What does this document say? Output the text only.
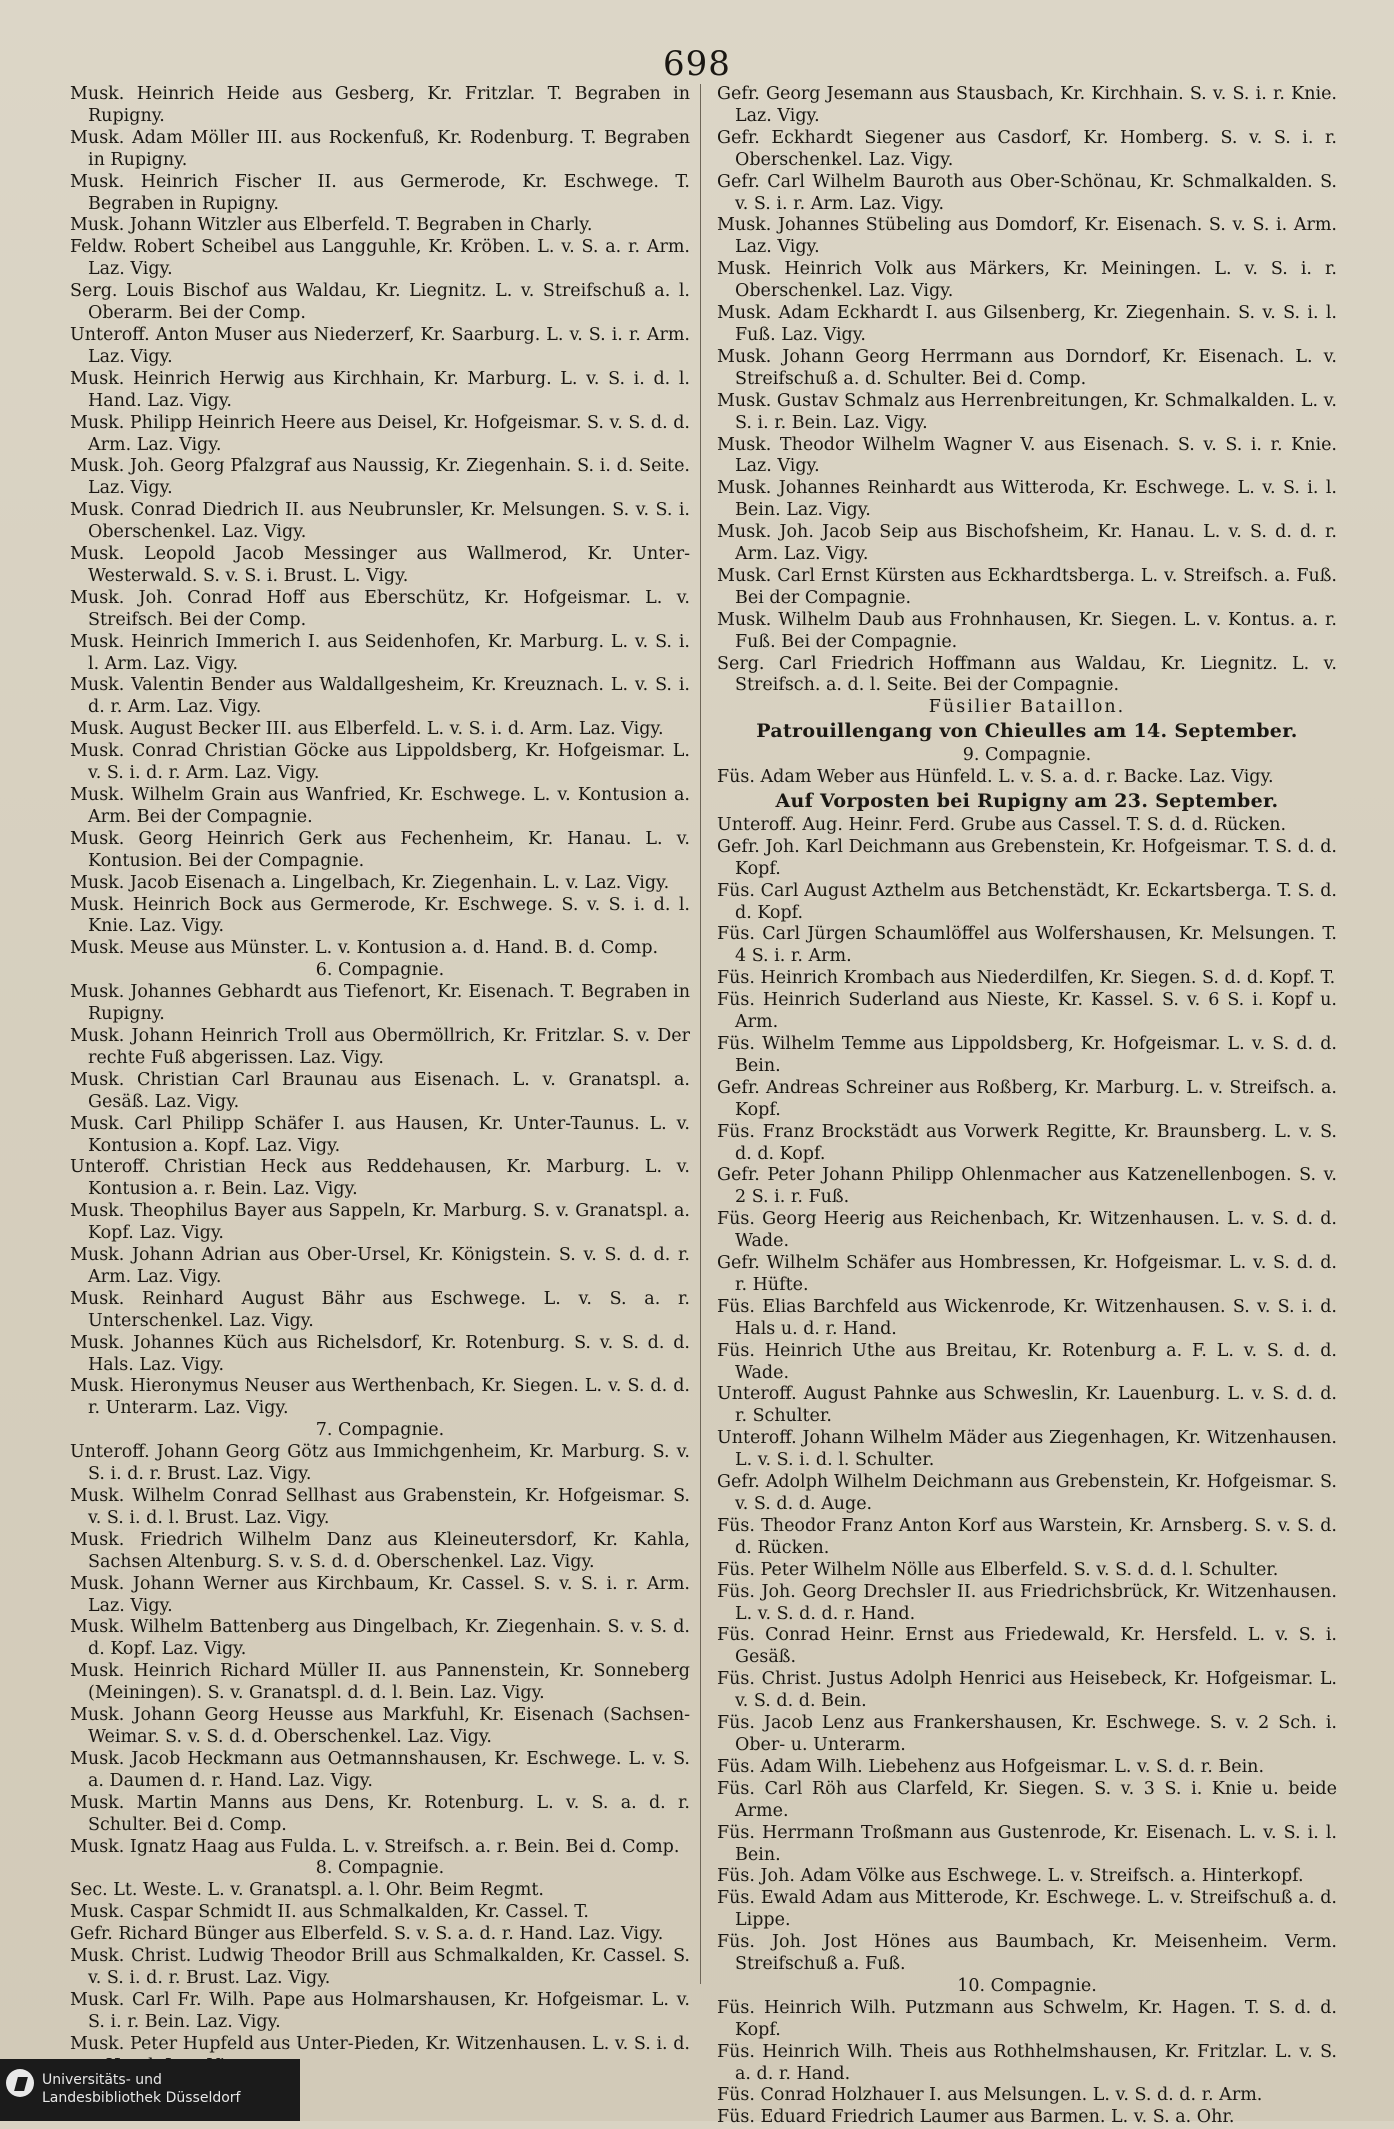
698

Musk. Heinrich Heide aus Gesberg, Kr. Fritzlar. T. Begraben in Rupigny.

Musk. Adam Möller III. aus Rockenfuß, Kr. Rodenburg. T. Begraben in Rupigny.

Musk. Heinrich Fischer II. aus Germerode, Kr. Eschwege. T. Begraben in Rupigny.

Musk. Johann Witzler aus Elberfeld. T. Begraben in Charly.

Feldw. Robert Scheibel aus Langguhle, Kr. Kröben. L. v. S. a. r. Arm. Laz. Vigy.

Serg. Louis Bischof aus Waldau, Kr. Liegnitz. L. v. Streifschuß a. l. Oberarm. Bei der Comp.

Unteroff. Anton Muser aus Niederzerf, Kr. Saarburg. L. v. S. i. r. Arm. Laz. Vigy.

Musk. Heinrich Herwig aus Kirchhain, Kr. Marburg. L. v. S. i. d. l. Hand. Laz. Vigy.

Musk. Philipp Heinrich Heere aus Deisel, Kr. Hofgeismar. S. v. S. d. d. Arm. Laz. Vigy.

Musk. Joh. Georg Pfalzgraf aus Naussig, Kr. Ziegenhain. S. i. d. Seite. Laz. Vigy.

Musk. Conrad Diedrich II. aus Neubrunsler, Kr. Melsungen. S. v. S. i. Oberschenkel. Laz. Vigy.

Musk. Leopold Jacob Messinger aus Wallmerod, Kr. Unter-Westerwald. S. v. S. i. Brust. L. Vigy.

Musk. Joh. Conrad Hoff aus Eberschütz, Kr. Hofgeismar. L. v. Streifsch. Bei der Comp.

Musk. Heinrich Immerich I. aus Seidenhofen, Kr. Marburg. L. v. S. i. l. Arm. Laz. Vigy.

Musk. Valentin Bender aus Waldallgesheim, Kr. Kreuznach. L. v. S. i. d. r. Arm. Laz. Vigy.

Musk. August Becker III. aus Elberfeld. L. v. S. i. d. Arm. Laz. Vigy.

Musk. Conrad Christian Göcke aus Lippoldsberg, Kr. Hofgeismar. L. v. S. i. d. r. Arm. Laz. Vigy.

Musk. Wilhelm Grain aus Wanfried, Kr. Eschwege. L. v. Kontusion a. Arm. Bei der Compagnie.

Musk. Georg Heinrich Gerk aus Fechenheim, Kr. Hanau. L. v. Kontusion. Bei der Compagnie.

Musk. Jacob Eisenach a. Lingelbach, Kr. Ziegenhain. L. v. Laz. Vigy.

Musk. Heinrich Bock aus Germerode, Kr. Eschwege. S. v. S. i. d. l. Knie. Laz. Vigy.

Musk. Meuse aus Münster. L. v. Kontusion a. d. Hand. B. d. Comp.

6. Compagnie.

Musk. Johannes Gebhardt aus Tiefenort, Kr. Eisenach. T. Begraben in Rupigny.

Musk. Johann Heinrich Troll aus Obermöllrich, Kr. Fritzlar. S. v. Der rechte Fuß abgerissen. Laz. Vigy.

Musk. Christian Carl Braunau aus Eisenach. L. v. Granatspl. a. Gesäß. Laz. Vigy.

Musk. Carl Philipp Schäfer I. aus Hausen, Kr. Unter-Taunus. L. v. Kontusion a. Kopf. Laz. Vigy.

Unteroff. Christian Heck aus Reddehausen, Kr. Marburg. L. v. Kontusion a. r. Bein. Laz. Vigy.

Musk. Theophilus Bayer aus Sappeln, Kr. Marburg. S. v. Granatspl. a. Kopf. Laz. Vigy.

Musk. Johann Adrian aus Ober-Ursel, Kr. Königstein. S. v. S. d. d. r. Arm. Laz. Vigy.

Musk. Reinhard August Bähr aus Eschwege. L. v. S. a. r. Unterschenkel. Laz. Vigy.

Musk. Johannes Küch aus Richelsdorf, Kr. Rotenburg. S. v. S. d. d. Hals. Laz. Vigy.

Musk. Hieronymus Neuser aus Werthenbach, Kr. Siegen. L. v. S. d. d. r. Unterarm. Laz. Vigy.

7. Compagnie.

Unteroff. Johann Georg Götz aus Immichgenheim, Kr. Marburg. S. v. S. i. d. r. Brust. Laz. Vigy.

Musk. Wilhelm Conrad Sellhast aus Grabenstein, Kr. Hofgeismar. S. v. S. i. d. l. Brust. Laz. Vigy.

Musk. Friedrich Wilhelm Danz aus Kleineutersdorf, Kr. Kahla, Sachsen Altenburg. S. v. S. d. d. Oberschenkel. Laz. Vigy.

Musk. Johann Werner aus Kirchbaum, Kr. Cassel. S. v. S. i. r. Arm. Laz. Vigy.

Musk. Wilhelm Battenberg aus Dingelbach, Kr. Ziegenhain. S. v. S. d. d. Kopf. Laz. Vigy.

Musk. Heinrich Richard Müller II. aus Pannenstein, Kr. Sonneberg (Meiningen). S. v. Granatspl. d. d. l. Bein. Laz. Vigy.

Musk. Johann Georg Heusse aus Markfuhl, Kr. Eisenach (Sachsen-Weimar. S. v. S. d. d. Oberschenkel. Laz. Vigy.

Musk. Jacob Heckmann aus Oetmannshausen, Kr. Eschwege. L. v. S. a. Daumen d. r. Hand. Laz. Vigy.

Musk. Martin Manns aus Dens, Kr. Rotenburg. L. v. S. a. d. r. Schulter. Bei d. Comp.

Musk. Ignatz Haag aus Fulda. L. v. Streifsch. a. r. Bein. Bei d. Comp.

8. Compagnie.

Sec. Lt. Weste. L. v. Granatspl. a. l. Ohr. Beim Regmt.

Musk. Caspar Schmidt II. aus Schmalkalden, Kr. Cassel. T.

Gefr. Richard Bünger aus Elberfeld. S. v. S. a. d. r. Hand. Laz. Vigy.

Musk. Christ. Ludwig Theodor Brill aus Schmalkalden, Kr. Cassel. S. v. S. i. d. r. Brust. Laz. Vigy.

Musk. Carl Fr. Wilh. Pape aus Holmarshausen, Kr. Hofgeismar. L. v. S. i. r. Bein. Laz. Vigy.

Musk. Peter Hupfeld aus Unter-Pieden, Kr. Witzenhausen. L. v. S. i. d.

Gefr. Georg Jesemann aus Stausbach, Kr. Kirchhain. S. v. S. i. r. Knie. Laz. Vigy.

Gefr. Eckhardt Siegener aus Casdorf, Kr. Homberg. S. v. S. i. r. Oberschenkel. Laz. Vigy.

Gefr. Carl Wilhelm Bauroth aus Ober-Schönau, Kr. Schmalkalden. S. v. S. i. r. Arm. Laz. Vigy.

Musk. Johannes Stübeling aus Domdorf, Kr. Eisenach. S. v. S. i. Arm. Laz. Vigy.

Musk. Heinrich Volk aus Märkers, Kr. Meiningen. L. v. S. i. r. Oberschenkel. Laz. Vigy.

Musk. Adam Eckhardt I. aus Gilsenberg, Kr. Ziegenhain. S. v. S. i. l. Fuß. Laz. Vigy.

Musk. Johann Georg Herrmann aus Dorndorf, Kr. Eisenach. L. v. Streifschuß a. d. Schulter. Bei d. Comp.

Musk. Gustav Schmalz aus Herrenbreitungen, Kr. Schmalkalden. L. v. S. i. r. Bein. Laz. Vigy.

Musk. Theodor Wilhelm Wagner V. aus Eisenach. S. v. S. i. r. Knie. Laz. Vigy.

Musk. Johannes Reinhardt aus Witteroda, Kr. Eschwege. L. v. S. i. l. Bein. Laz. Vigy.

Musk. Joh. Jacob Seip aus Bischofsheim, Kr. Hanau. L. v. S. d. d. r. Arm. Laz. Vigy.

Musk. Carl Ernst Kürsten aus Eckhardtsberga. L. v. Streifsch. a. Fuß. Bei der Compagnie.

Musk. Wilhelm Daub aus Frohnhausen, Kr. Siegen. L. v. Kontus. a. r. Fuß. Bei der Compagnie.

Serg. Carl Friedrich Hoffmann aus Waldau, Kr. Liegnitz. L. v. Streifsch. a. d. l. Seite. Bei der Compagnie.

Füsilier Bataillon.

Patrouillengang von Chieulles am 14. September.

9. Compagnie.

Füs. Adam Weber aus Hünfeld. L. v. S. a. d. r. Backe. Laz. Vigy.

Auf Vorposten bei Rupigny am 23. September.

Unteroff. Aug. Heinr. Ferd. Grube aus Cassel. T. S. d. d. Rücken.

Gefr. Joh. Karl Deichmann aus Grebenstein, Kr. Hofgeismar. T. S. d. d. Kopf.

Füs. Carl August Azthelm aus Betchenstädt, Kr. Eckartsberga. T. S. d. d. Kopf.

Füs. Carl Jürgen Schaumlöffel aus Wolfershausen, Kr. Melsungen. T. 4 S. i. r. Arm.

Füs. Heinrich Krombach aus Niederdilfen, Kr. Siegen. S. d. d. Kopf. T.

Füs. Heinrich Suderland aus Nieste, Kr. Kassel. S. v. 6 S. i. Kopf u. Arm.

Füs. Wilhelm Temme aus Lippoldsberg, Kr. Hofgeismar. L. v. S. d. d. Bein.

Gefr. Andreas Schreiner aus Roßberg, Kr. Marburg. L. v. Streifsch. a. Kopf.

Füs. Franz Brockstädt aus Vorwerk Regitte, Kr. Braunsberg. L. v. S. d. d. Kopf.

Gefr. Peter Johann Philipp Ohlenmacher aus Katzenellenbogen. S. v. 2 S. i. r. Fuß.

Füs. Georg Heerig aus Reichenbach, Kr. Witzenhausen. L. v. S. d. d. Wade.

Gefr. Wilhelm Schäfer aus Hombressen, Kr. Hofgeismar. L. v. S. d. d. r. Hüfte.

Füs. Elias Barchfeld aus Wickenrode, Kr. Witzenhausen. S. v. S. i. d. Hals u. d. r. Hand.

Füs. Heinrich Uthe aus Breitau, Kr. Rotenburg a. F. L. v. S. d. d. Wade.

Unteroff. August Pahnke aus Schweslin, Kr. Lauenburg. L. v. S. d. d. r. Schulter.

Unteroff. Johann Wilhelm Mäder aus Ziegenhagen, Kr. Witzenhausen. L. v. S. i. d. l. Schulter.

Gefr. Adolph Wilhelm Deichmann aus Grebenstein, Kr. Hofgeismar. S. v. S. d. d. Auge.

Füs. Theodor Franz Anton Korf aus Warstein, Kr. Arnsberg. S. v. S. d. d. Rücken.

Füs. Peter Wilhelm Nölle aus Elberfeld. S. v. S. d. d. l. Schulter.

Füs. Joh. Georg Drechsler II. aus Friedrichsbrück, Kr. Witzenhausen. L. v. S. d. d. r. Hand.

Füs. Conrad Heinr. Ernst aus Friedewald, Kr. Hersfeld. L. v. S. i. Gesäß.

Füs. Christ. Justus Adolph Henrici aus Heisebeck, Kr. Hofgeismar. L. v. S. d. d. Bein.

Füs. Jacob Lenz aus Frankershausen, Kr. Eschwege. S. v. 2 Sch. i. Ober- u. Unterarm.

Füs. Adam Wilh. Liebehenz aus Hofgeismar. L. v. S. d. r. Bein.

Füs. Carl Röh aus Clarfeld, Kr. Siegen. S. v. 3 S. i. Knie u. beide Arme.

Füs. Herrmann Troßmann aus Gustenrode, Kr. Eisenach. L. v. S. i. l. Bein.

Füs. Joh. Adam Völke aus Eschwege. L. v. Streifsch. a. Hinterkopf.

Füs. Ewald Adam aus Mitterode, Kr. Eschwege. L. v. Streifschuß a. d. Lippe.

Füs. Joh. Jost Hönes aus Baumbach, Kr. Meisenheim. Verm. Streifschuß a. Fuß.

10. Compagnie.

Füs. Heinrich Wilh. Putzmann aus Schwelm, Kr. Hagen. T. S. d. d. Kopf.

Füs. Heinrich Wilh. Theis aus Rothhelmshausen, Kr. Fritzlar. L. v. S. a. d. r. Hand.

Füs. Conrad Holzhauer I. aus Melsungen. L. v. S. d. d. r. Arm.

Füs. Eduard Friedrich Laumer aus Barmen. L. v. S. a. Ohr.

Universitäts- und
Landesbibliothek Düsseldorf
